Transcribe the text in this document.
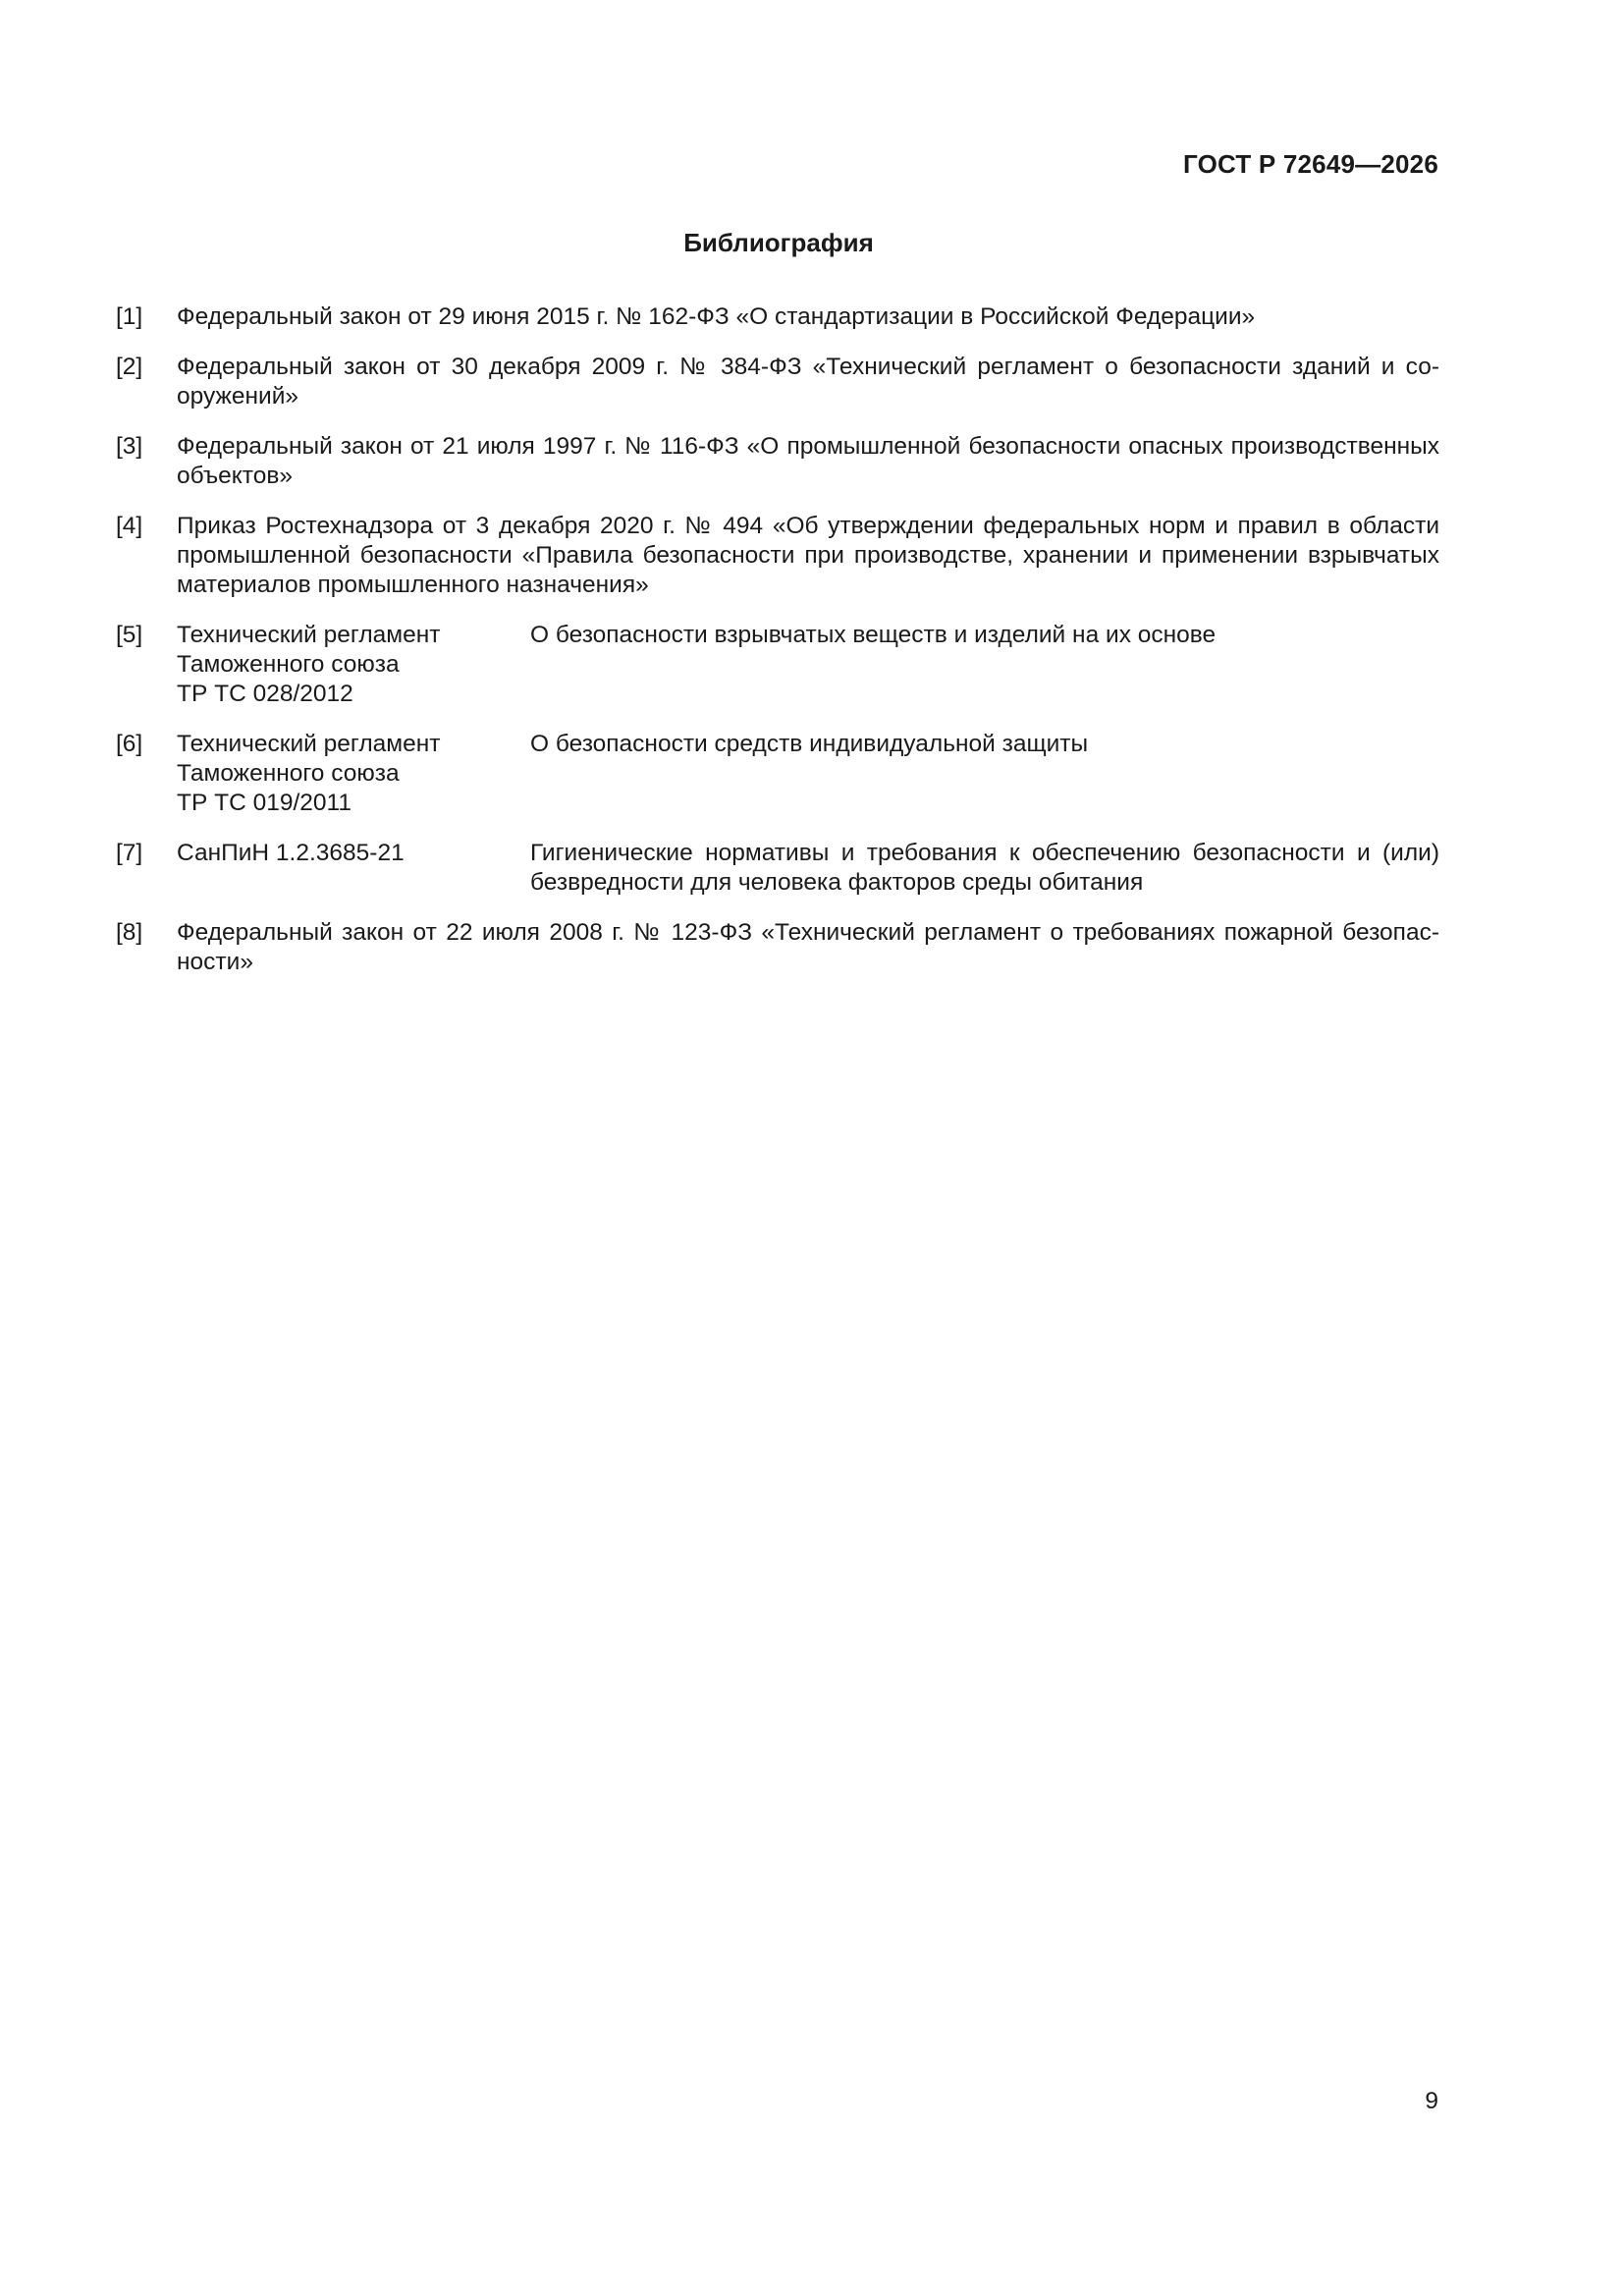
ГОСТ Р 72649—2026
Библиография
[1] Федеральный закон от 29 июня 2015 г. № 162-ФЗ «О стандартизации в Российской Федерации»
[2] Федеральный закон от 30 декабря 2009 г. № 384-ФЗ «Технический регламент о безопасности зданий и сооружений»
[3] Федеральный закон от 21 июля 1997 г. № 116-ФЗ «О промышленной безопасности опасных производственных объектов»
[4] Приказ Ростехнадзора от 3 декабря 2020 г. № 494 «Об утверждении федеральных норм и правил в области промышленной безопасности «Правила безопасности при производстве, хранении и применении взрывчатых материалов промышленного назначения»
[5] Технический регламент
Таможенного союза
ТР ТС 028/2012
О безопасности взрывчатых веществ и изделий на их основе
[6] Технический регламент
Таможенного союза
ТР ТС 019/2011
О безопасности средств индивидуальной защиты
[7] СанПиН 1.2.3685-21	Гигиенические нормативы и требования к обеспечению безопасности и (или) безвредности для человека факторов среды обитания
[8] Федеральный закон от 22 июля 2008 г. № 123-ФЗ «Технический регламент о требованиях пожарной безопасности»
9
